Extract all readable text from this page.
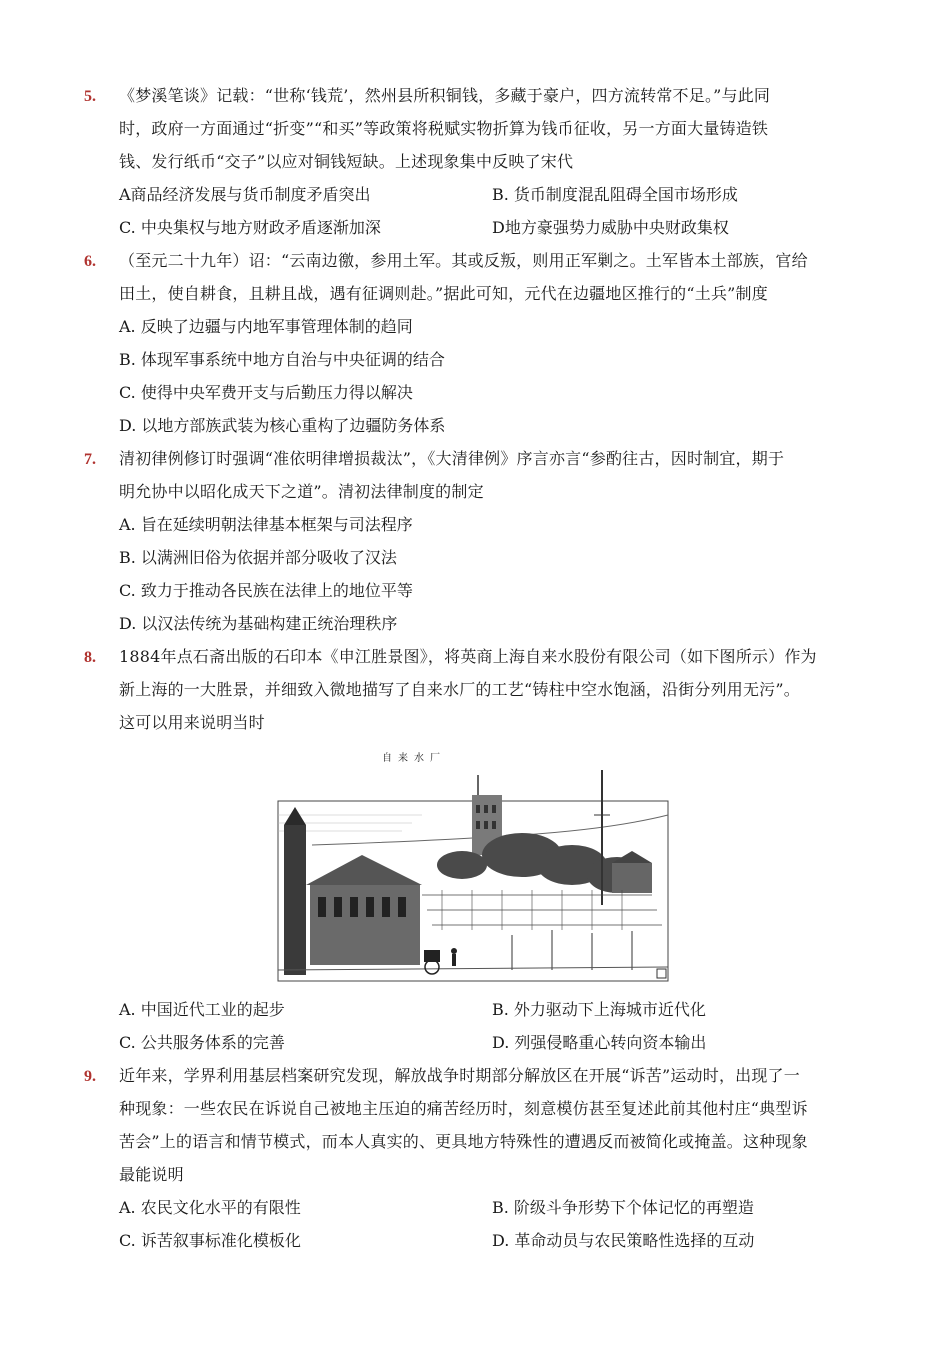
5. 《梦溪笔谈》记载：“世称‘钱荒’，然州县所积铜钱，多藏于豪户，四方流转常不足。”与此同
时，政府一方面通过“折变”“和买”等政策将税赋实物折算为钱币征收，另一方面大量铸造铁
钱、发行纸币“交子”以应对铜钱短缺。上述现象集中反映了宋代
A商品经济发展与货币制度矛盾突出	B. 货币制度混乱阻碍全国市场形成
C. 中央集权与地方财政矛盾逐渐加深	D地方豪强势力威胁中央财政集权
6. （至元二十九年）诏：“云南边徼，参用土军。其或反叛，则用正军剿之。土军皆本土部族，官给
田土，使自耕食，且耕且战，遇有征调则赴。”据此可知，元代在边疆地区推行的“土兵”制度
A. 反映了边疆与内地军事管理体制的趋同
B. 体现军事系统中地方自治与中央征调的结合
C. 使得中央军费开支与后勤压力得以解决
D. 以地方部族武装为核心重构了边疆防务体系
7. 清初律例修订时强调“准依明律增损裁汰”，《大清律例》序言亦言“参酌往古，因时制宜，期于
明允协中以昭化成天下之道”。清初法律制度的制定
A. 旨在延续明朝法律基本框架与司法程序
B. 以满洲旧俗为依据并部分吸收了汉法
C. 致力于推动各民族在法律上的地位平等
D. 以汉法传统为基础构建正统治理秩序
8. 1884年点石斋出版的石印本《申江胜景图》，将英商上海自来水股份有限公司（如下图所示）作为
新上海的一大胜景，并细致入微地描写了自来水厂的工艺“铸柱中空水饱涵，沿街分列用无污”。
这可以用来说明当时
自来水厂
A. 中国近代工业的起步	B. 外力驱动下上海城市近代化
C. 公共服务体系的完善	D. 列强侵略重心转向资本输出
9. 近年来，学界利用基层档案研究发现，解放战争时期部分解放区在开展“诉苦”运动时，出现了一
种现象：一些农民在诉说自己被地主压迫的痛苦经历时，刻意模仿甚至复述此前其他村庄“典型诉
苦会”上的语言和情节模式，而本人真实的、更具地方特殊性的遭遇反而被简化或掩盖。这种现象
最能说明
A. 农民文化水平的有限性	B. 阶级斗争形势下个体记忆的再塑造
C. 诉苦叙事标准化模板化	D. 革命动员与农民策略性选择的互动
